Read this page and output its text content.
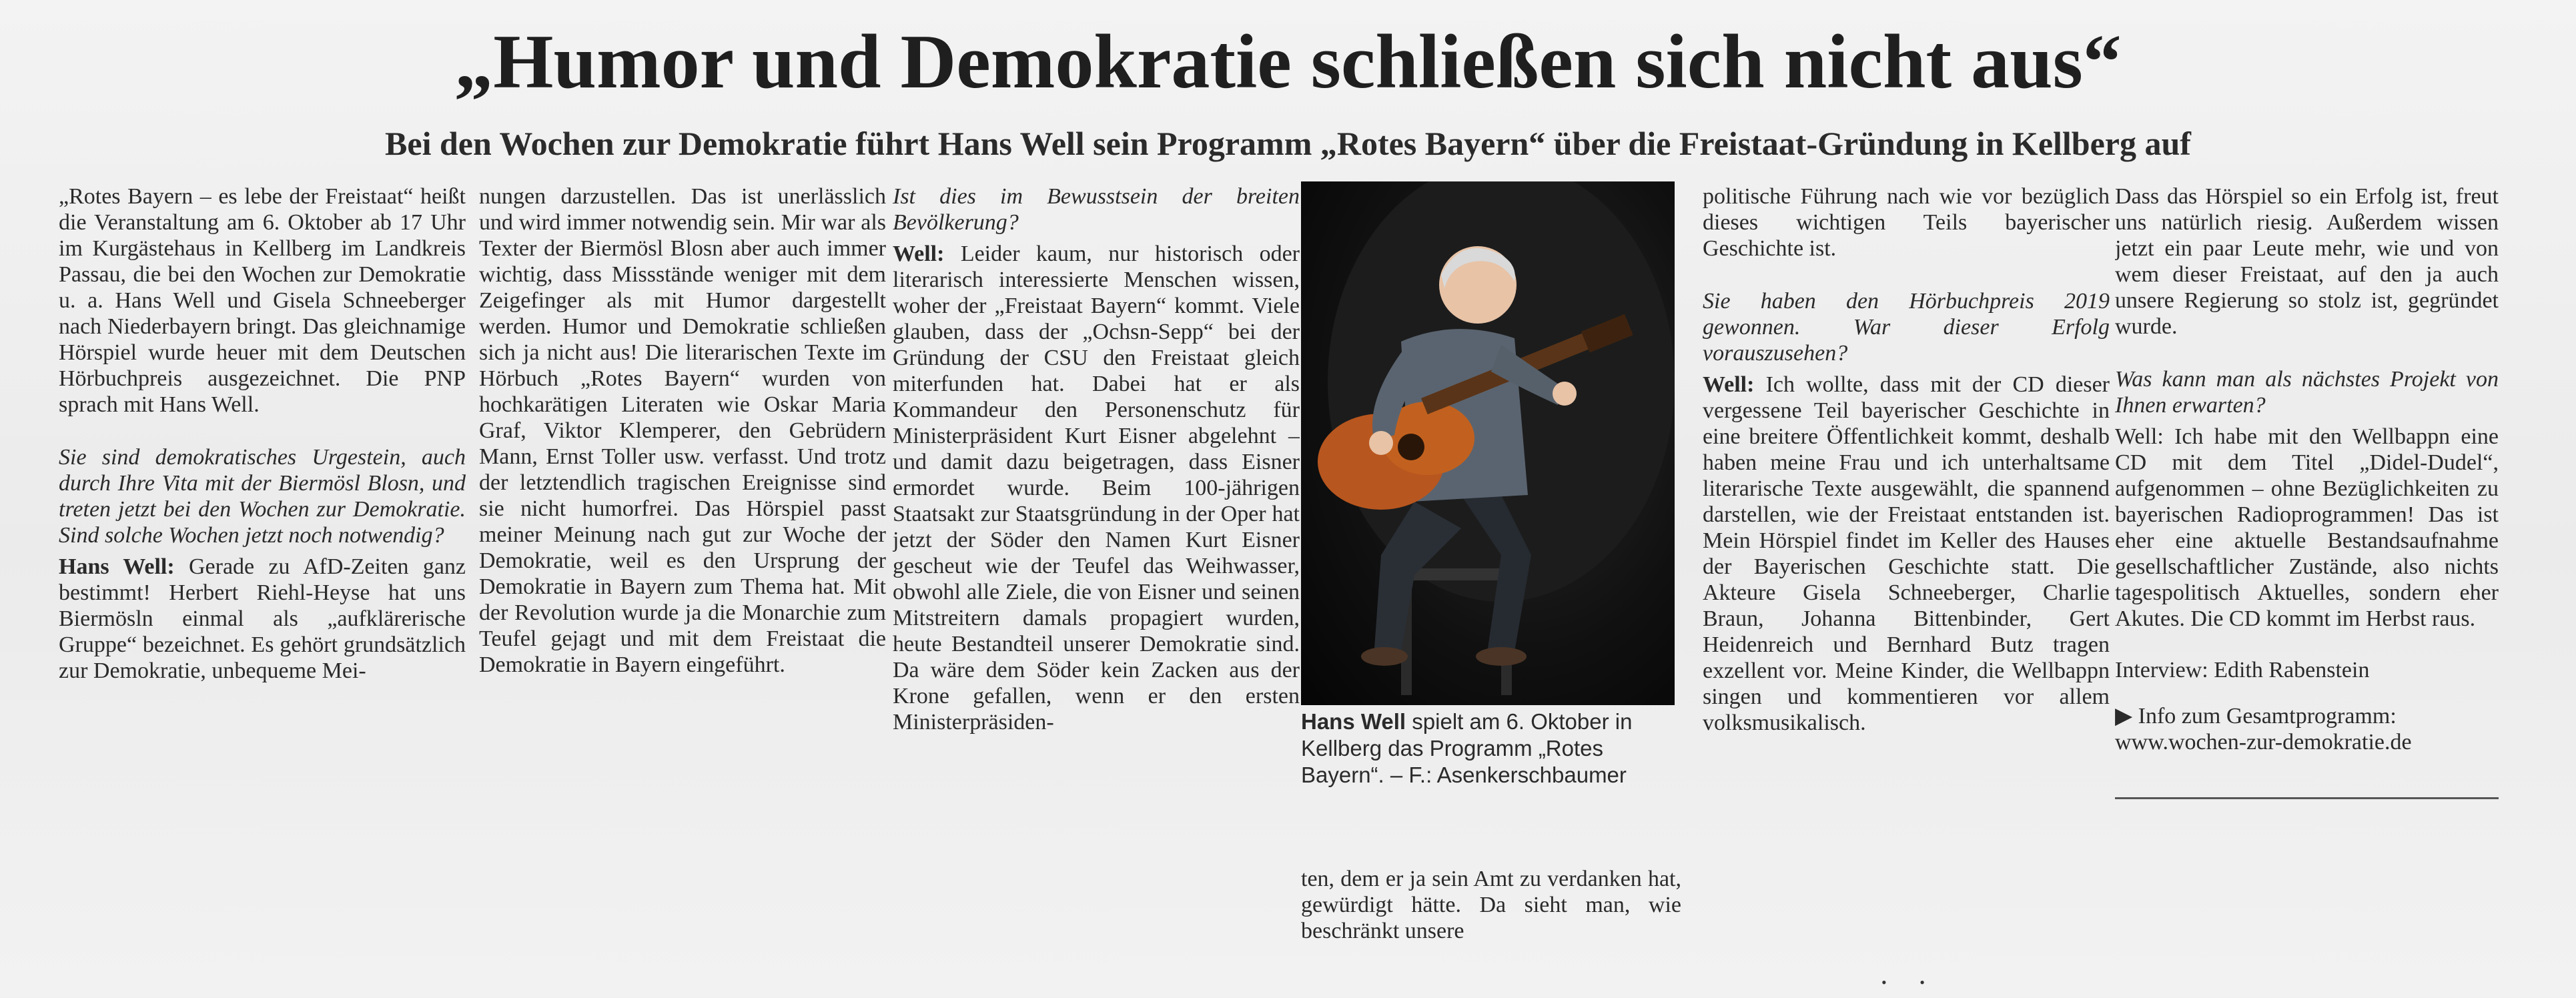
„Humor und Demokratie schließen sich nicht aus“
Bei den Wochen zur Demokratie führt Hans Well sein Programm „Rotes Bayern“ über die Freistaat-Gründung in Kellberg auf

„Rotes Bayern – es lebe der Freistaat“ heißt die Veranstaltung am 6. Oktober ab 17 Uhr im Kurgästehaus in Kellberg im Landkreis Passau, die bei den Wochen zur Demokratie u. a. Hans Well und Gisela Schneeberger nach Niederbayern bringt. Das gleichnamige Hörspiel wurde heuer mit dem Deutschen Hörbuchpreis ausgezeichnet. Die PNP sprach mit Hans Well.

Sie sind demokratisches Urgestein, auch durch Ihre Vita mit der Biermösl Blosn, und treten jetzt bei den Wochen zur Demokratie. Sind solche Wochen jetzt noch notwendig?

Hans Well: Gerade zu AfD-Zeiten ganz bestimmt! Herbert Riehl-Heyse hat uns Biermösln einmal als „aufklärerische Gruppe“ bezeichnet. Es gehört grundsätzlich zur Demokratie, unbequeme Mei-

nungen darzustellen. Das ist unerlässlich und wird immer notwendig sein. Mir war als Texter der Biermösl Blosn aber auch immer wichtig, dass Missstände weniger mit dem Zeigefinger als mit Humor dargestellt werden. Humor und Demokratie schließen sich ja nicht aus! Die literarischen Texte im Hörbuch „Rotes Bayern“ wurden von hochkarätigen Literaten wie Oskar Maria Graf, Viktor Klemperer, den Gebrüdern Mann, Ernst Toller usw. verfasst. Und trotz der letztendlich tragischen Ereignisse sind sie nicht humorfrei. Das Hörspiel passt meiner Meinung nach gut zur Woche der Demokratie, weil es den Ursprung der Demokratie in Bayern zum Thema hat. Mit der Revolution wurde ja die Monarchie zum Teufel gejagt und mit dem Freistaat die Demokratie in Bayern eingeführt.

Ist dies im Bewusstsein der breiten Bevölkerung?

Well: Leider kaum, nur historisch oder literarisch interessierte Menschen wissen, woher der „Freistaat Bayern“ kommt. Viele glauben, dass der „Ochsn-Sepp“ bei der Gründung der CSU den Freistaat gleich miterfunden hat. Dabei hat er als Kommandeur den Personenschutz für Ministerpräsident Kurt Eisner abgelehnt – und damit dazu beigetragen, dass Eisner ermordet wurde. Beim 100-jährigen Staatsakt zur Staatsgründung in der Oper hat jetzt der Söder den Namen Kurt Eisner gescheut wie der Teufel das Weihwasser, obwohl alle Ziele, die von Eisner und seinen Mitstreitern damals propagiert wurden, heute Bestandteil unserer Demokratie sind. Da wäre dem Söder kein Zacken aus der Krone gefallen, wenn er den ersten Ministerpräsiden-	Hans Well spielt am 6. Oktober in Kellberg das Programm „Rotes Bayern“. – F.: Asenkerschbaumer
ten, dem er ja sein Amt zu verdanken hat, gewürdigt hätte. Da sieht man, wie beschränkt unsere

politische Führung nach wie vor bezüglich dieses wichtigen Teils bayerischer Geschichte ist.

Sie haben den Hörbuchpreis 2019 gewonnen. War dieser Erfolg vorauszusehen?

Well: Ich wollte, dass mit der CD dieser vergessene Teil bayerischer Geschichte in eine breitere Öffentlichkeit kommt, deshalb haben meine Frau und ich unterhaltsame literarische Texte ausgewählt, die spannend darstellen, wie der Freistaat entstanden ist. Mein Hörspiel findet im Keller des Hauses der Bayerischen Geschichte statt. Die Akteure Gisela Schneeberger, Charlie Braun, Johanna Bittenbinder, Gert Heidenreich und Bernhard Butz tragen exzellent vor. Meine Kinder, die Wellbappn singen und kommentieren vor allem volksmusikalisch.

Dass das Hörspiel so ein Erfolg ist, freut uns natürlich riesig. Außerdem wissen jetzt ein paar Leute mehr, wie und von wem dieser Freistaat, auf den ja auch unsere Regierung so stolz ist, gegründet wurde.

Was kann man als nächstes Projekt von Ihnen erwarten?

Well: Ich habe mit den Wellbappn eine CD mit dem Titel „Didel-Dudel“, aufgenommen – ohne Bezüglichkeiten zu bayerischen Radioprogrammen! Das ist eher eine aktuelle Bestandsaufnahme gesellschaftlicher Zustände, also nichts tagespolitisch Aktuelles, sondern eher Akutes. Die CD kommt im Herbst raus.

Interview: Edith Rabenstein

▶ Info zum Gesamtprogramm:
www.wochen-zur-demokratie.de

• •
